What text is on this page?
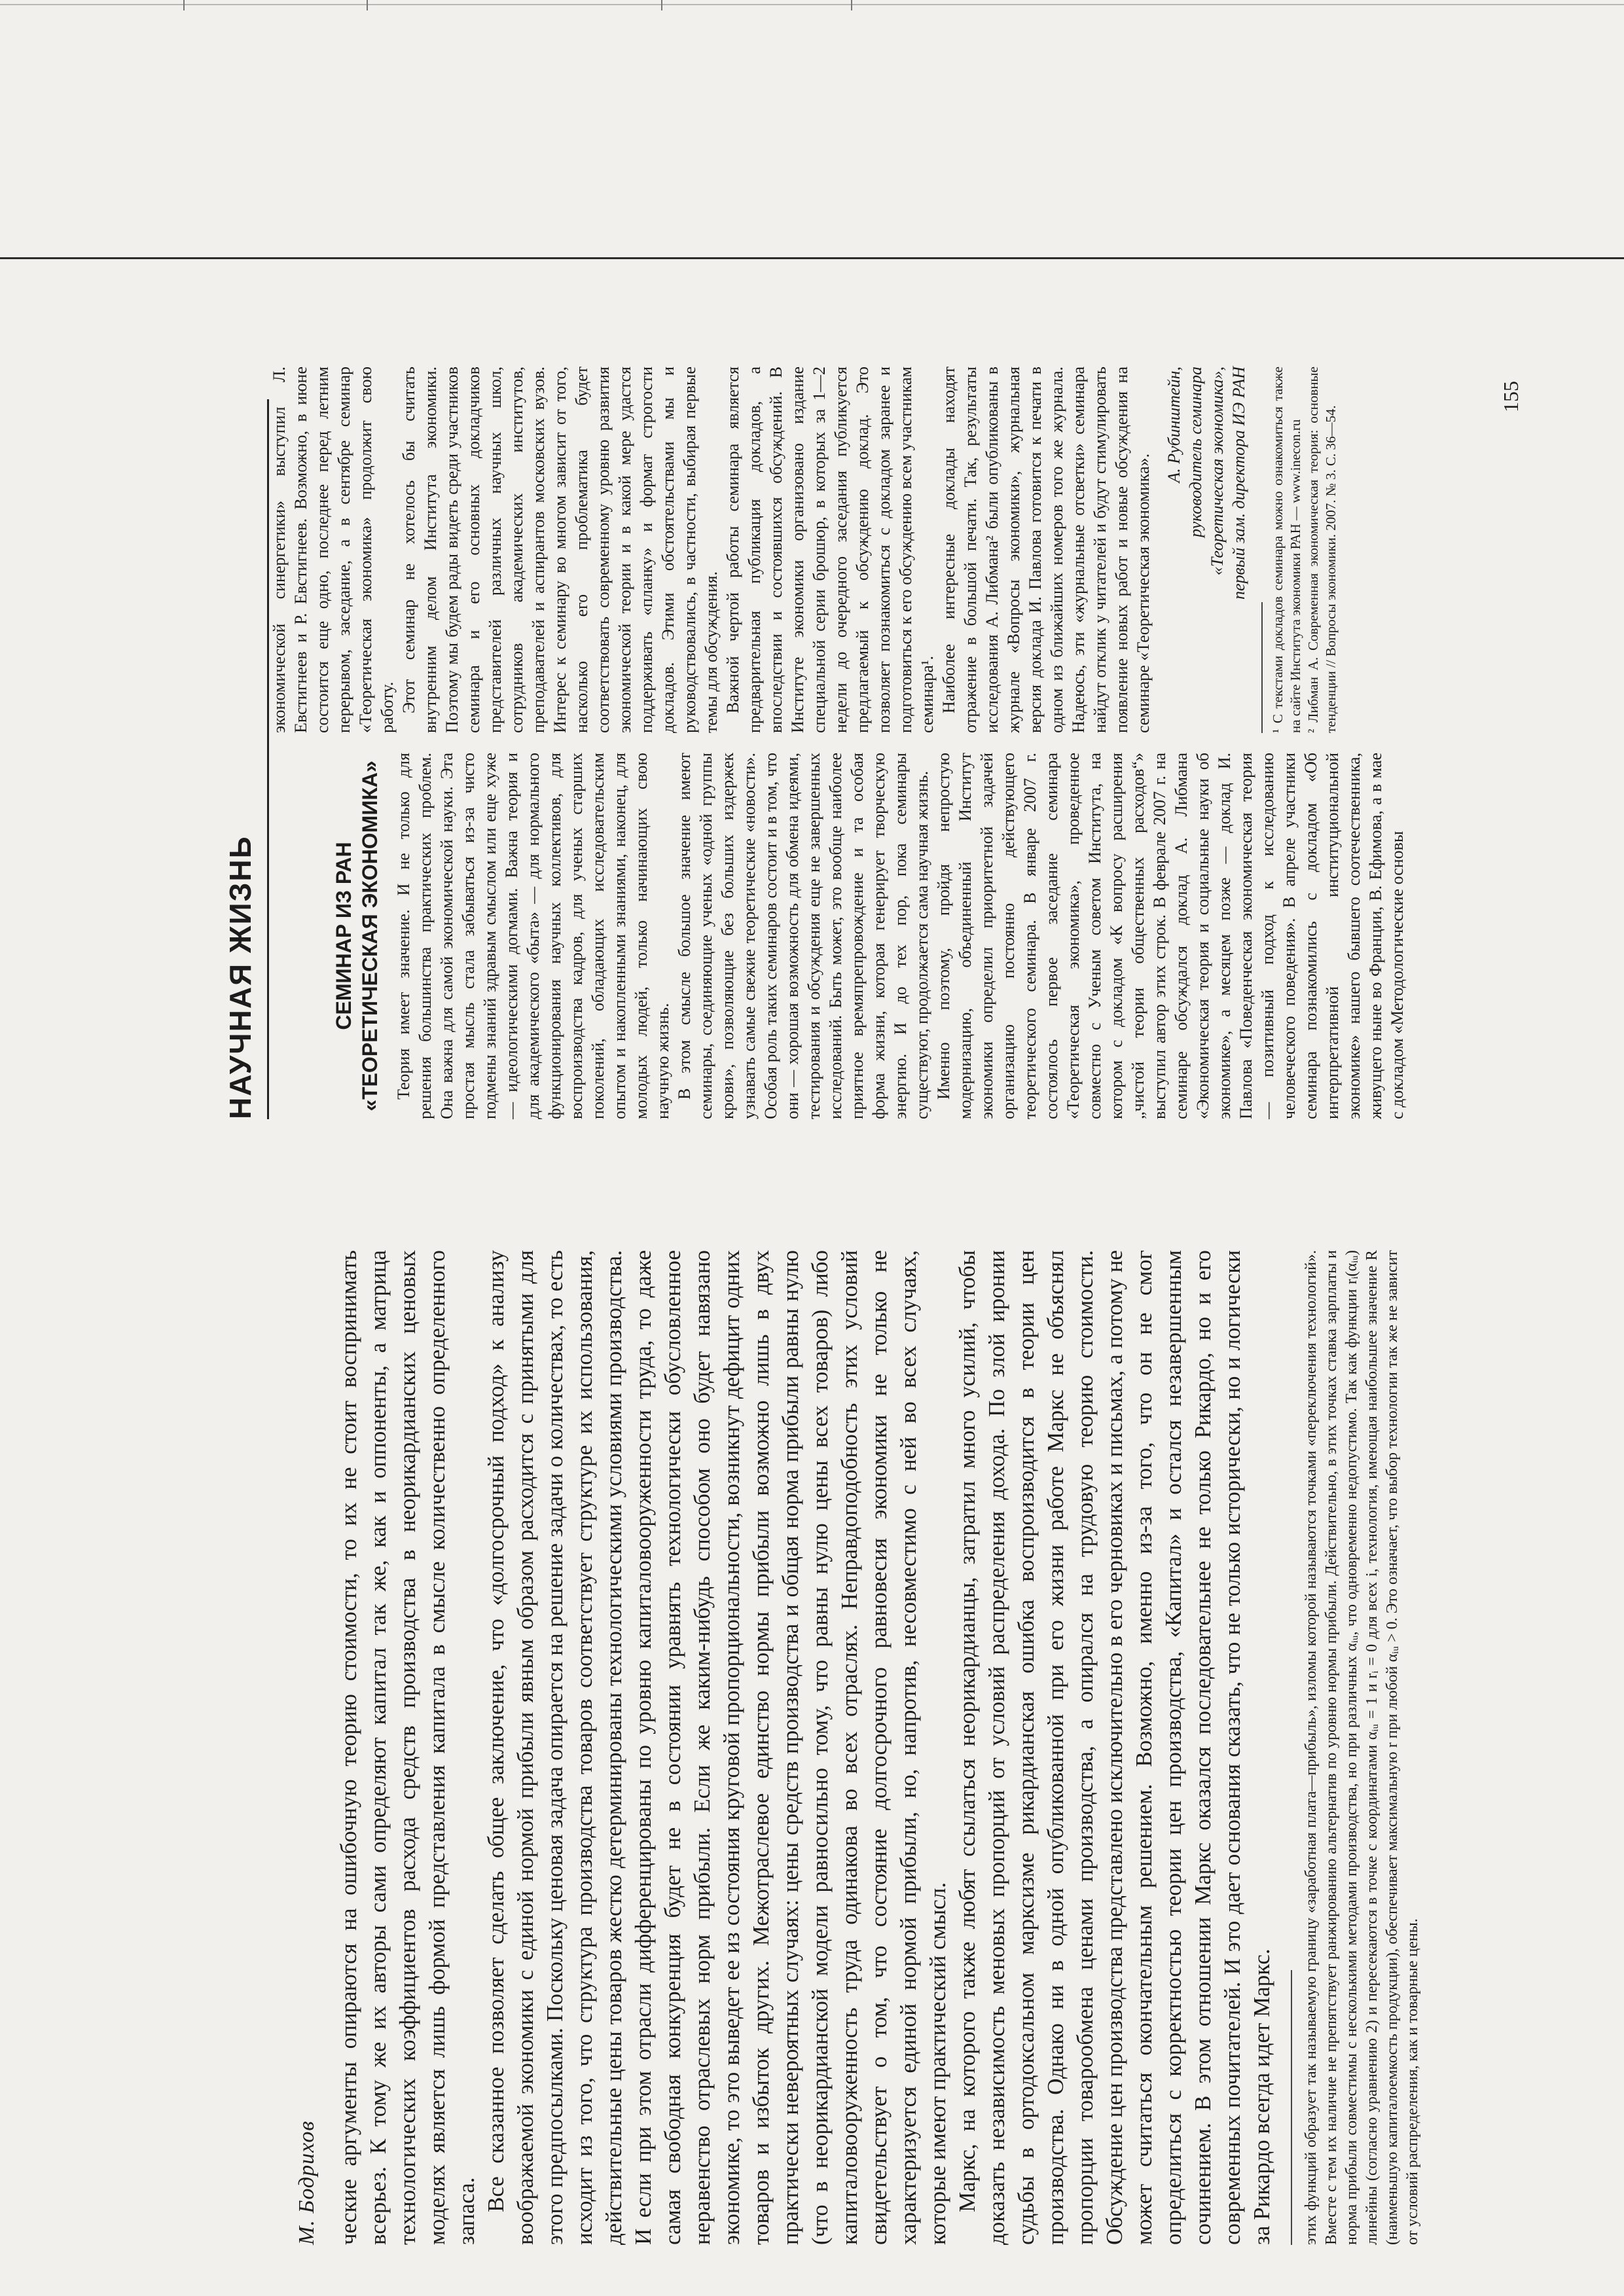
М. Бодрихов ческие аргументы опираются на ошибочную теорию стоимости, то их не стоит воспринимать всерьез. К тому же их авторы сами определяют капитал так же, как и оппоненты, а матрица технологических коэффициентов расхода средств производства в неорикардианских ценовых моделях является лишь формой представления капитала в смысле количественно определенного запаса. Все сказанное позволяет сделать общее заключение, что «долгосрочный подход» к анализу воображаемой экономики с единой нормой прибыли явным образом расходится с принятыми для этого предпосылками. Поскольку ценовая задача опирается на решение задачи о количествах, то есть исходит из того, что структура производства товаров соответствует структуре их использования, действительные цены товаров жестко детерминированы технологическими условиями производства. И если при этом отрасли дифференцированы по уровню капиталовооруженности труда, то даже самая свободная конкуренция будет не в состоянии уравнять технологически обусловленное неравенство отраслевых норм прибыли. Если же каким-нибудь способом оно будет навязано экономике, то это выведет ее из состояния круговой пропорциональности, возникнут дефицит одних товаров и избыток других. Межотраслевое единство нормы прибыли возможно лишь в двух практически невероятных случаях: цены средств производства и общая норма прибыли равны нулю (что в неорикардианской модели равносильно тому, что равны нулю цены всех товаров) либо капиталовооруженность труда одинакова во всех отраслях. Неправдоподобность этих условий свидетельствует о том, что состояние долгосрочного равновесия экономики не только не характеризуется единой нормой прибыли, но, напротив, несовместимо с ней во всех случаях, которые имеют практический смысл. Маркс, на которого также любят ссылаться неорикардианцы, затратил много усилий, чтобы доказать независимость меновых пропорций от условий распределения дохода. По злой иронии судьбы в ортодоксальном марксизме рикардианская ошибка воспроизводится в теории цен производства. Однако ни в одной опубликованной при его жизни работе Маркс не объяснял пропорции товарообмена ценами производства, а опирался на трудовую теорию стоимости. Обсуждение цен производства представлено исключительно в его черновиках и письмах, а потому не может считаться окончательным решением. Возможно, именно из-за того, что он не смог определиться с корректностью теории цен производства, «Капитал» и остался незавершенным сочинением. В этом отношении Маркс оказался последовательнее не только Рикардо, но и его современных почитателей. И это дает основания сказать, что не только исторически, но и логически за Рикардо всегда идет Маркс. этих функций образует так называемую границу «заработная плата—прибыль», изломы которой называются точками «переключения технологий». Вместе с тем их наличие не препятствует ранжированию альтернатив по уровню нормы прибыли. Действительно, в этих точках ставка зарплаты и норма прибыли совместимы с несколькими методами производства, но при различных αᵢᵤ, что одновременно недопустимо. Так как функции rᵢ(αᵢᵤ) линейны (согласно уравнению 2) и пересекаются в точке с координатами αᵢᵤ = 1 и rᵢ = 0 для всех i, технология, имеющая наибольшее значение R (наименьшую капиталоемкость продукции), обеспечивает максимальную r при любой αᵢᵤ > 0. Это означает, что выбор технологии так же не зависит от условий распределения, как и товарные цены.
НАУЧНАЯ ЖИЗНЬ	СЕМИНАР ИЗ РАН «ТЕОРЕТИЧЕСКАЯ ЭКОНОМИКА» Теория имеет значение. И не только для решения большинства практических проблем. Она важна для самой экономической науки. Эта простая мысль стала забываться из-за чисто подмены знаний здравым смыслом или еще хуже — идеологическими догмами. Важна теория и для академического «быта» — для нормального функционирования научных коллективов, для воспроизводства кадров, для ученых старших поколений, обладающих исследовательским опытом и накопленными знаниями, наконец, для молодых людей, только начинающих свою научную жизнь. В этом смысле большое значение имеют семинары, соединяющие ученых «одной группы крови», позволяющие без больших издержек узнавать самые свежие теоретические «новости». Особая роль таких семинаров состоит и в том, что они — хорошая возможность для обмена идеями, тестирования и обсуждения еще не завершенных исследований. Быть может, это вообще наиболее приятное времяпрепровождение и та особая форма жизни, которая генерирует творческую энергию. И до тех пор, пока семинары существуют, продолжается сама научная жизнь. Именно поэтому, пройдя непростую модернизацию, объединенный Институт экономики определил приоритетной задачей организацию постоянно действующего теоретического семинара. В январе 2007 г. состоялось первое заседание семинара «Теоретическая экономика», проведенное совместно с Ученым советом Института, на котором с докладом «К вопросу расширения „чистой теории общественных расходов“» выступил автор этих строк. В феврале 2007 г. на семинаре обсуждался доклад А. Либмана «Экономическая теория и социальные науки об экономике», а месяцем позже — доклад И. Павлова «Поведенческая экономическая теория — позитивный подход к исследованию человеческого поведения». В апреле участники семинара познакомились с докладом «Об интерпретативной институциональной экономике» нашего бывшего соотечественника, живущего ныне во Франции, В. Ефимова, а в мае с докладом «Методологические основы

экономической синергетики» выступил Л. Евстигнеев и Р. Евстигнеев. Возможно, в июне состоится еще одно, последнее перед летним перерывом, заседание, а в сентябре семинар «Теоретическая экономика» продолжит свою работу. Этот семинар не хотелось бы считать внутренним делом Института экономики. Поэтому мы будем рады видеть среди участников семинара и его основных докладчиков представителей различных научных школ, сотрудников академических институтов, преподавателей и аспирантов московских вузов. Интерес к семинару во многом зависит от того, насколько его проблематика будет соответствовать современному уровню развития экономической теории и в какой мере удастся поддерживать «планку» и формат строгости докладов. Этими обстоятельствами мы и руководствовались, в частности, выбирая первые темы для обсуждения. Важной чертой работы семинара является предварительная публикация докладов, а впоследствии и состоявшихся обсуждений. В Институте экономики организовано издание специальной серии брошюр, в которых за 1—2 недели до очередного заседания публикуется предлагаемый к обсуждению доклад. Это позволяет познакомиться с докладом заранее и подготовиться к его обсуждению всем участникам семинара¹. Наиболее интересные доклады находят отражение в большой печати. Так, результаты исследования А. Либмана² были опубликованы в журнале «Вопросы экономики», журнальная версия доклада И. Павлова готовится к печати в одном из ближайших номеров того же журнала. Надеюсь, эти «журнальные отсветки» семинара найдут отклик у читателей и будут стимулировать появление новых работ и новые обсуждения на семинаре «Теоретическая экономика».

А. Рубинштейн, руководитель семинара «Теоретическая экономика», первый зам. директора ИЭ РАН ¹ С текстами докладов семинара можно ознакомиться также на сайте Института экономики РАН — www.inecon.ru ² Либман А. Современная экономическая теория: основные тенденции // Вопросы экономики. 2007. № 3. С. 36—54.

155
